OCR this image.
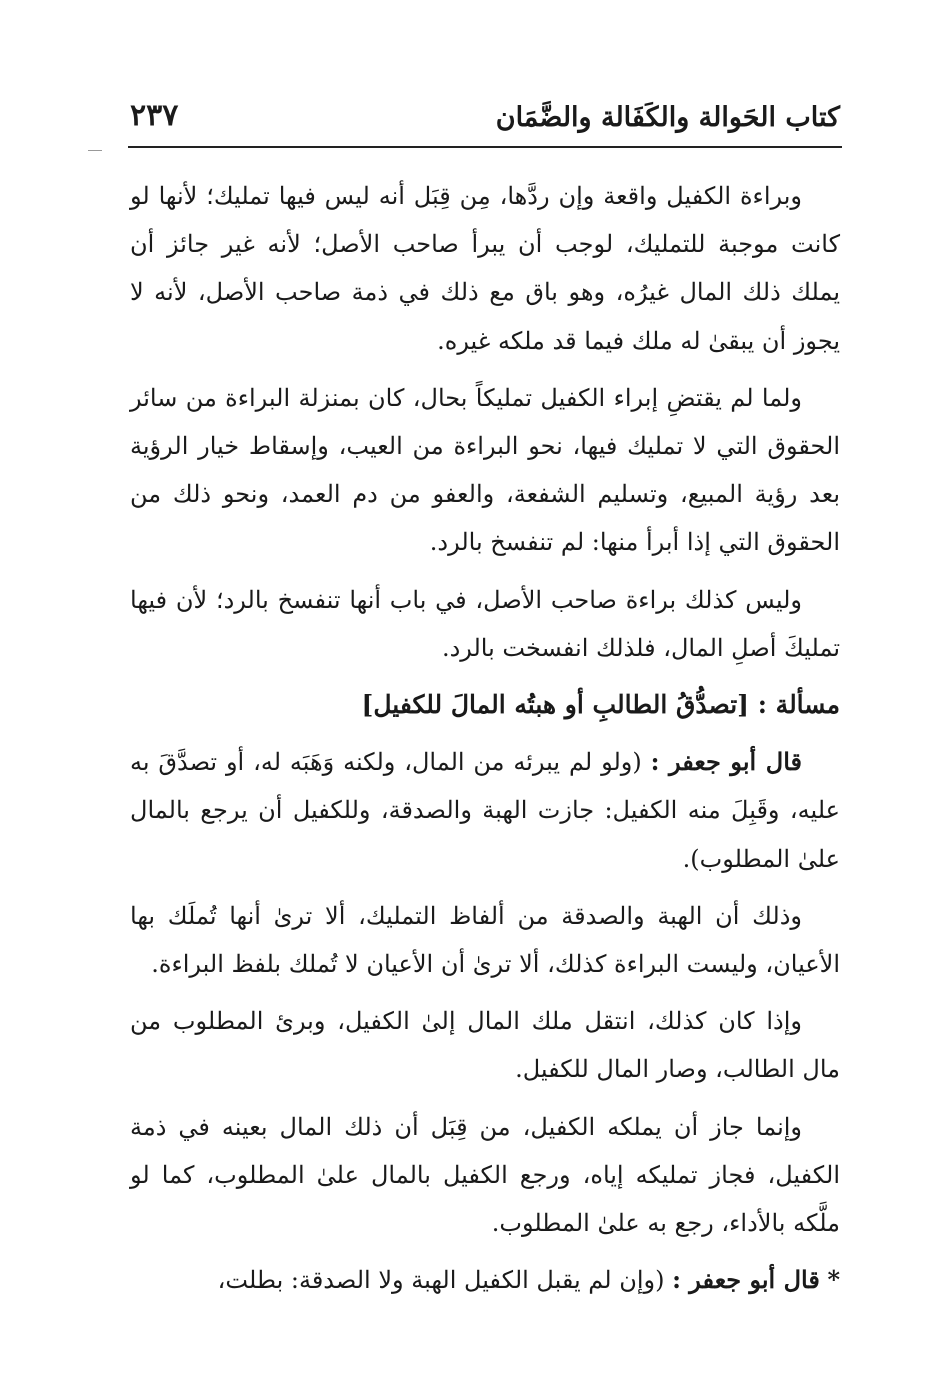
كتاب الحَوالة والكَفَالة والضَّمَان
٢٣٧

وبراءة الكفيل واقعة وإن ردَّها، مِن قِبَل أنه ليس فيها تمليك؛ لأنها لو كانت موجبة للتمليك، لوجب أن يبرأ صاحب الأصل؛ لأنه غير جائز أن يملك ذلك المال غيرُه، وهو باق مع ذلك في ذمة صاحب الأصل، لأنه لا يجوز أن يبقىٰ له ملك فيما قد ملكه غيره.

ولما لم يقتضِ إبراء الكفيل تمليكاً بحال، كان بمنزلة البراءة من سائر الحقوق التي لا تمليك فيها، نحو البراءة من العيب، وإسقاط خيار الرؤية بعد رؤية المبيع، وتسليم الشفعة، والعفو من دم العمد، ونحو ذلك من الحقوق التي إذا أبرأ منها: لم تنفسخ بالرد.

وليس كذلك براءة صاحب الأصل، في باب أنها تنفسخ بالرد؛ لأن فيها تمليكَ أصلِ المال، فلذلك انفسخت بالرد.

مسألة : [تصدُّقُ الطالبِ أو هبتُه المالَ للكفيل]

قال أبو جعفر : (ولو لم يبرئه من المال، ولكنه وَهَبَه له، أو تصدَّقَ به عليه، وقَبِلَ منه الكفيل: جازت الهبة والصدقة، وللكفيل أن يرجع بالمال علىٰ المطلوب).

وذلك أن الهبة والصدقة من ألفاظ التمليك، ألا ترىٰ أنها تُملَك بها الأعيان، وليست البراءة كذلك، ألا ترىٰ أن الأعيان لا تُملك بلفظ البراءة.

وإذا كان كذلك، انتقل ملك المال إلىٰ الكفيل، وبرئ المطلوب من مال الطالب، وصار المال للكفيل.

وإنما جاز أن يملكه الكفيل، من قِبَل أن ذلك المال بعينه في ذمة الكفيل، فجاز تمليكه إياه، ورجع الكفيل بالمال علىٰ المطلوب، كما لو ملَّكه بالأداء، رجع به علىٰ المطلوب.

* قال أبو جعفر : (وإن لم يقبل الكفيل الهبة ولا الصدقة: بطلت،
